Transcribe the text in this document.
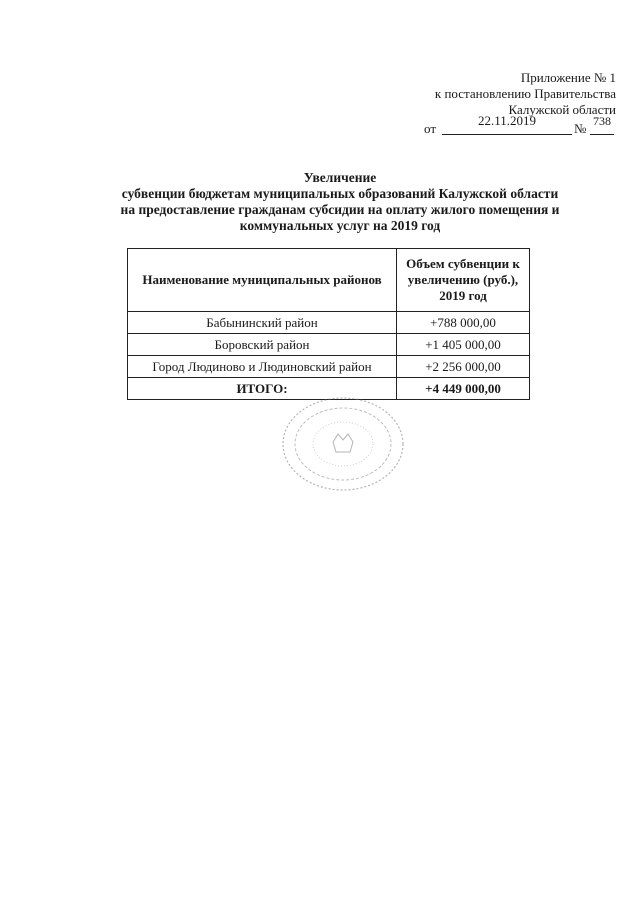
Приложение № 1
к постановлению Правительства
Калужской области
от
22.11.2019
№ 738
Увеличение
субвенции бюджетам муниципальных образований Калужской области
на предоставление гражданам субсидии на оплату жилого помещения и
коммунальных услуг на 2019 год
Наименование муниципальных районов	Объем субвенции к увеличению (руб.), 2019 год
Бабынинский район	+788 000,00
Боровский район	+1 405 000,00
Город Людиново и Людиновский район	+2 256 000,00
ИТОГО:	+4 449 000,00
